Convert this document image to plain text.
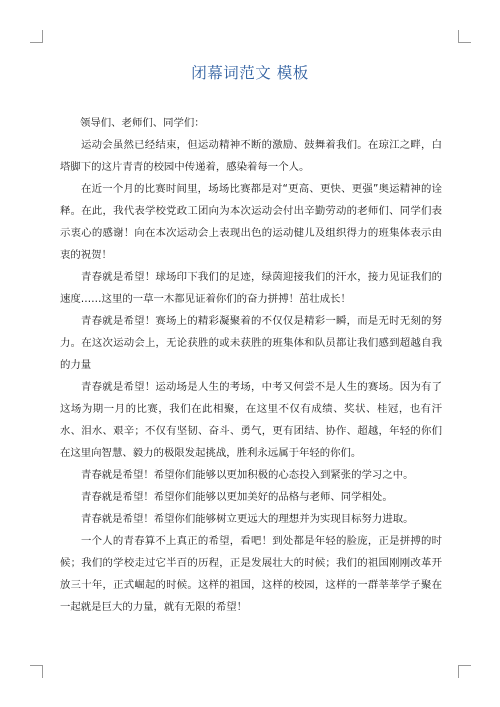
闭幕词范文 模板

领导们、老师们、同学们：

运动会虽然已经结束，但运动精神不断的激励、鼓舞着我们。在琼江之畔，白塔脚下的这片青青的校园中传递着，感染着每一个人。

在近一个月的比赛时间里，场场比赛都是对“更高、更快、更强”奥运精神的诠释。在此，我代表学校党政工团向为本次运动会付出辛勤劳动的老师们、同学们表示衷心的感谢！向在本次运动会上表现出色的运动健儿及组织得力的班集体表示由衷的祝贺！

青春就是希望！球场印下我们的足迹，绿茵迎接我们的汗水，接力见证我们的速度……这里的一草一木都见证着你们的奋力拼搏！茁壮成长！

青春就是希望！赛场上的精彩凝聚着的不仅仅是精彩一瞬，而是无时无刻的努力。在这次运动会上，无论获胜的或未获胜的班集体和队员都让我们感到超越自我的力量

青春就是希望！运动场是人生的考场，中考又何尝不是人生的赛场。因为有了这场为期一月的比赛，我们在此相聚，在这里不仅有成绩、奖状、桂冠，也有汗水、泪水、艰辛；不仅有坚韧、奋斗、勇气，更有团结、协作、超越，年轻的你们在这里向智慧、毅力的极限发起挑战，胜利永远属于年轻的你们。

青春就是希望！希望你们能够以更加积极的心态投入到紧张的学习之中。

青春就是希望！希望你们能够以更加美好的品格与老师、同学相处。

青春就是希望！希望你们能够树立更远大的理想并为实现目标努力进取。

一个人的青春算不上真正的希望，看吧！到处都是年轻的脸庞，正是拼搏的时候；我们的学校走过它半百的历程，正是发展壮大的时候；我们的祖国刚刚改革开放三十年，正式崛起的时候。这样的祖国，这样的校园，这样的一群莘莘学子聚在一起就是巨大的力量，就有无限的希望！
